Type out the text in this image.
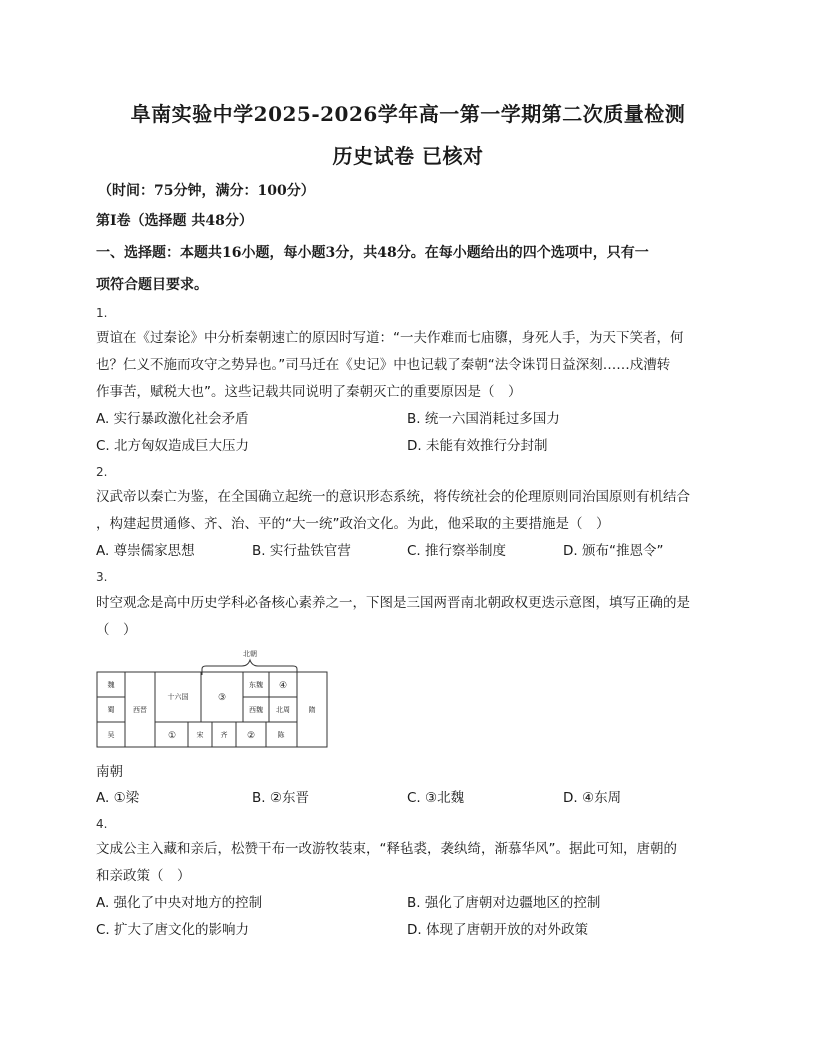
阜南实验中学2025-2026学年高一第一学期第二次质量检测
历史试卷 已核对
（时间：75分钟，满分：100分）
第Ⅰ卷（选择题 共48分）
一、选择题：本题共16小题，每小题3分，共48分。在每小题给出的四个选项中，只有一
项符合题目要求。
1.
贾谊在《过秦论》中分析秦朝速亡的原因时写道：“一夫作难而七庙隳，身死人手，为天下笑者，何
也？仁义不施而攻守之势异也。”司马迁在《史记》中也记载了秦朝“法令诛罚日益深刻……戍漕转
作事苦，赋税大也”。这些记载共同说明了秦朝灭亡的重要原因是（　）
A. 实行暴政激化社会矛盾	B. 统一六国消耗过多国力
C. 北方匈奴造成巨大压力	D. 未能有效推行分封制
2.
汉武帝以秦亡为鉴，在全国确立起统一的意识形态系统，将传统社会的伦理原则同治国原则有机结合
，构建起贯通修、齐、治、平的“大一统”政治文化。为此，他采取的主要措施是（　）
A. 尊崇儒家思想	B. 实行盐铁官营	C. 推行察举制度	D. 颁布“推恩令”
3.
时空观念是高中历史学科必备核心素养之一，下图是三国两晋南北朝政权更迭示意图，填写正确的是
（　）
北朝
魏
蜀
吴
西晋
十六国
①	宋 齐 ②	陈
③
东魏 ④
西魏 北周	隋
南朝
A. ①梁	B. ②东晋	C. ③北魏	D. ④东周
4.
文成公主入藏和亲后，松赞干布一改游牧装束，“释毡裘，袭纨绮，渐慕华风”。据此可知，唐朝的
和亲政策（　）
A. 强化了中央对地方的控制	B. 强化了唐朝对边疆地区的控制
C. 扩大了唐文化的影响力	D. 体现了唐朝开放的对外政策
